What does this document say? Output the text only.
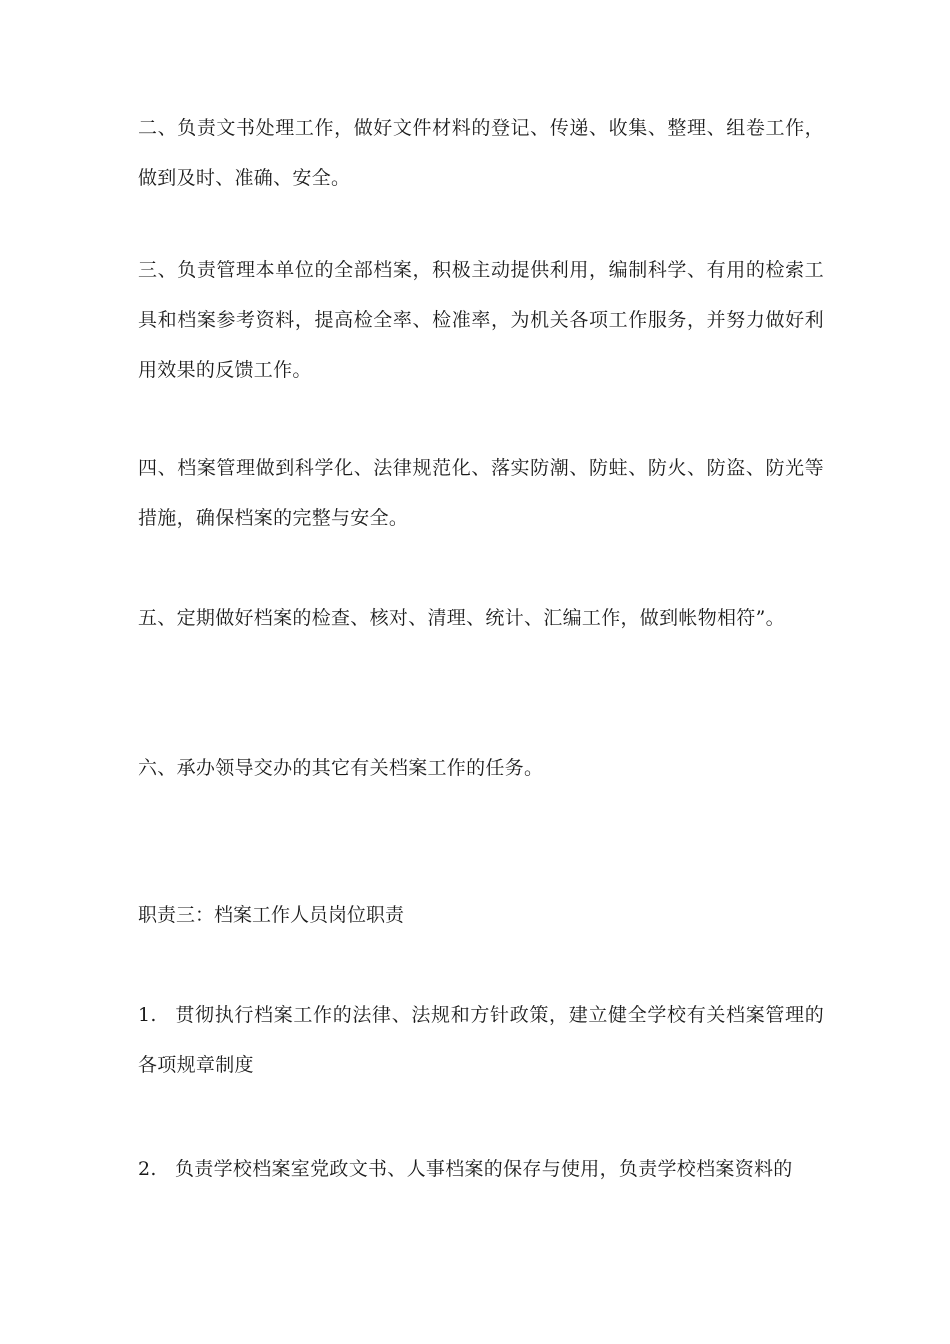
二、负责文书处理工作，做好文件材料的登记、传递、收集、整理、组卷工作，做到及时、准确、安全。

三、负责管理本单位的全部档案，积极主动提供利用，编制科学、有用的检索工具和档案参考资料，提高检全率、检准率，为机关各项工作服务，并努力做好利用效果的反馈工作。

四、档案管理做到科学化、法律规范化、落实防潮、防蛀、防火、防盗、防光等措施，确保档案的完整与安全。

五、定期做好档案的检查、核对、清理、统计、汇编工作，做到帐物相符”。

六、承办领导交办的其它有关档案工作的任务。

职责三：档案工作人员岗位职责

1. 贯彻执行档案工作的法律、法规和方针政策，建立健全学校有关档案管理的各项规章制度

2. 负责学校档案室党政文书、人事档案的保存与使用，负责学校档案资料的
